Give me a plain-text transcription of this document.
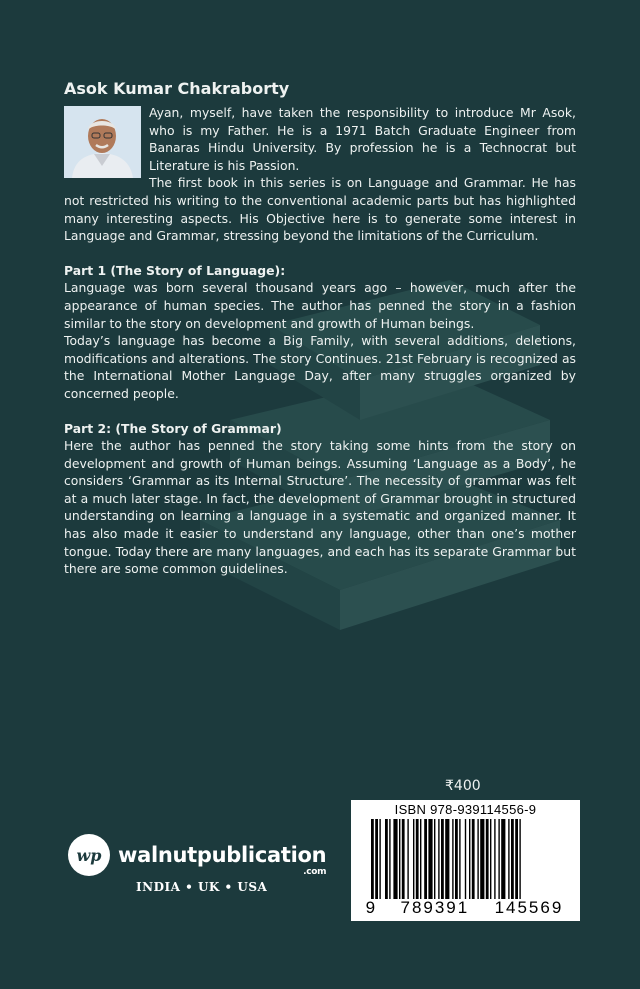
Asok Kumar Chakraborty
Ayan, myself, have taken the responsibility to introduce Mr Asok, who is my Father. He is a 1971 Batch Graduate Engineer from Banaras Hindu University. By profession he is a Technocrat but Literature is his Passion.

The first book in this series is on Language and Grammar. He has not restricted his writing to the conventional academic parts but has highlighted many interesting aspects. His Objective here is to generate some interest in Language and Grammar, stressing beyond the limitations of the Curriculum.

Part 1 (The Story of Language):

Language was born several thousand years ago – however, much after the appearance of human species. The author has penned the story in a fashion similar to the story on development and growth of Human beings.

Today’s language has become a Big Family, with several additions, deletions, modifications and alterations. The story Continues. 21st February is recognized as the International Mother Language Day, after many struggles organized by concerned people.

Part 2: (The Story of Grammar)

Here the author has penned the story taking some hints from the story on development and growth of Human beings. Assuming ‘Language as a Body’, he considers ‘Grammar as its Internal Structure’. The necessity of grammar was felt at a much later stage. In fact, the development of Grammar brought in structured understanding on learning a language in a systematic and organized manner. It has also made it easier to understand any language, other than one’s mother tongue. Today there are many languages, and each has its separate Grammar but there are some common guidelines.

₹400
ISBN 978-939114556-9
9 789391 145569
wp walnutpublication
.com
INDIA • UK • USA
